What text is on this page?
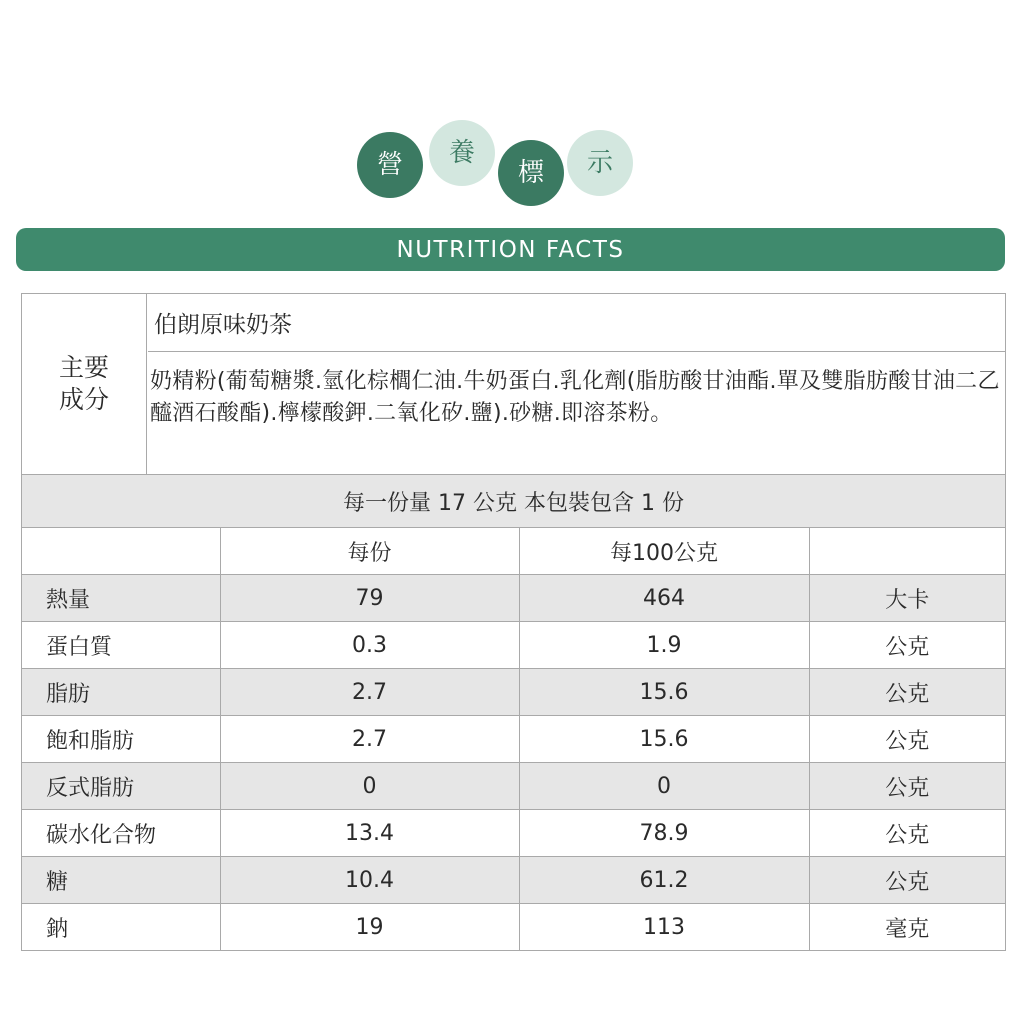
營	養
標	示
NUTRITION FACTS
主要
成分
伯朗原味奶茶
奶精粉(葡萄糖漿.氫化棕櫚仁油.牛奶蛋白.乳化劑(脂肪酸甘油酯.單及雙脂肪酸甘油二乙醯酒石酸酯).檸檬酸鉀.二氧化矽.鹽).砂糖.即溶茶粉。
每一份量 17 公克 本包裝包含 1 份
	每份	每100公克	
熱量	79	464	大卡
蛋白質	0.3	1.9	公克
脂肪	2.7	15.6	公克
飽和脂肪	2.7	15.6	公克
反式脂肪	0	0	公克
碳水化合物	13.4	78.9	公克
糖	10.4	61.2	公克
鈉	19	113	毫克
